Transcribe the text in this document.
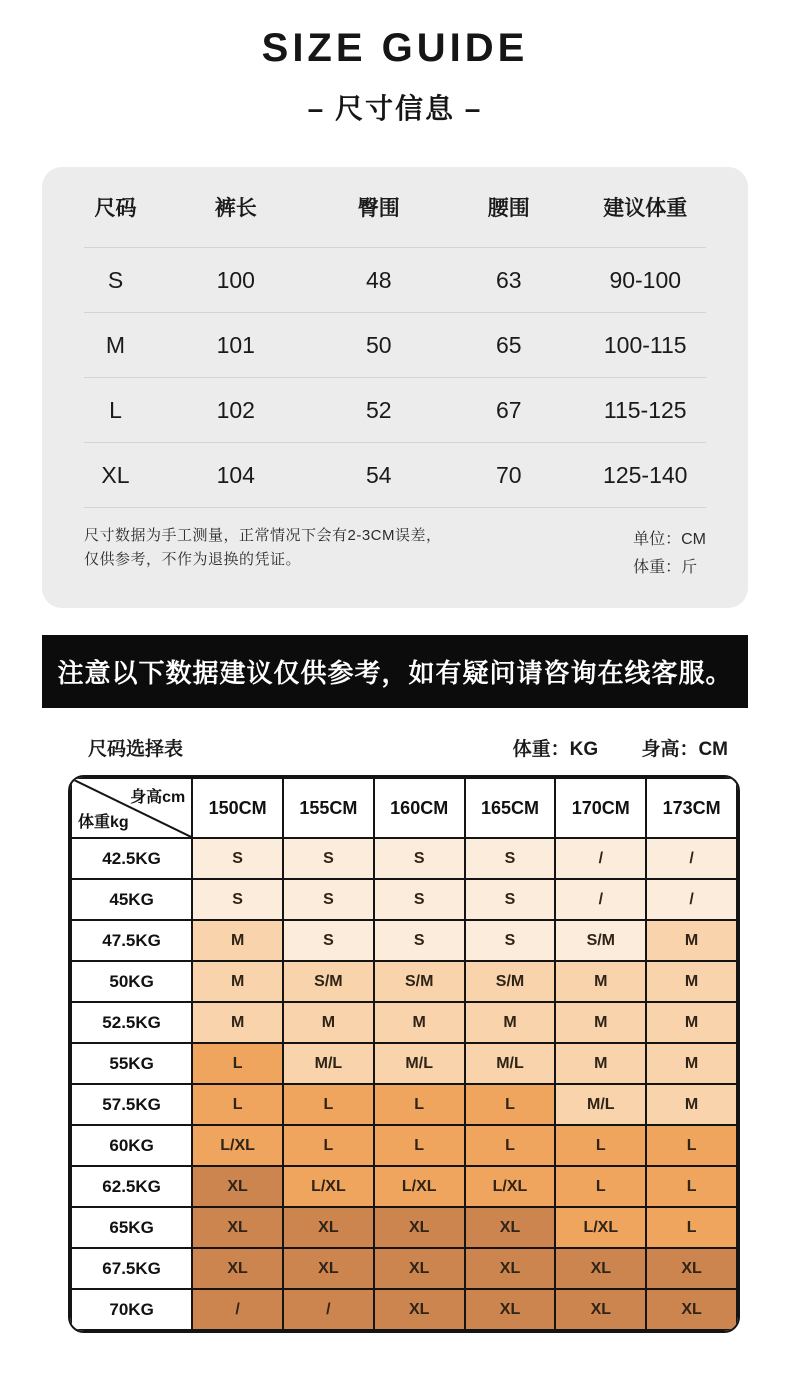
SIZE GUIDE
– 尺寸信息 –
尺码	裤长	臀围	腰围	建议体重
S	100	48	63	90-100
M	101	50	65	100-115
L	102	52	67	115-125
XL	104	54	70	125-140
尺寸数据为手工测量，正常情况下会有2-3CM误差，
仅供参考，不作为退换的凭证。
单位：CM
体重：斤
注意以下数据建议仅供参考，如有疑问请咨询在线客服。
尺码选择表	体重：KG 身高：CM
身高cm
体重kg	150CM	155CM	160CM	165CM	170CM	173CM
42.5KG	S	S	S	S	/	/
45KG	S	S	S	S	/	/
47.5KG	M	S	S	S	S/M	M
50KG	M	S/M	S/M	S/M	M	M
52.5KG	M	M	M	M	M	M
55KG	L	M/L	M/L	M/L	M	M
57.5KG	L	L	L	L	M/L	M
60KG	L/XL	L	L	L	L	L
62.5KG	XL	L/XL	L/XL	L/XL	L	L
65KG	XL	XL	XL	XL	L/XL	L
67.5KG	XL	XL	XL	XL	XL	XL
70KG	/	/	XL	XL	XL	XL
